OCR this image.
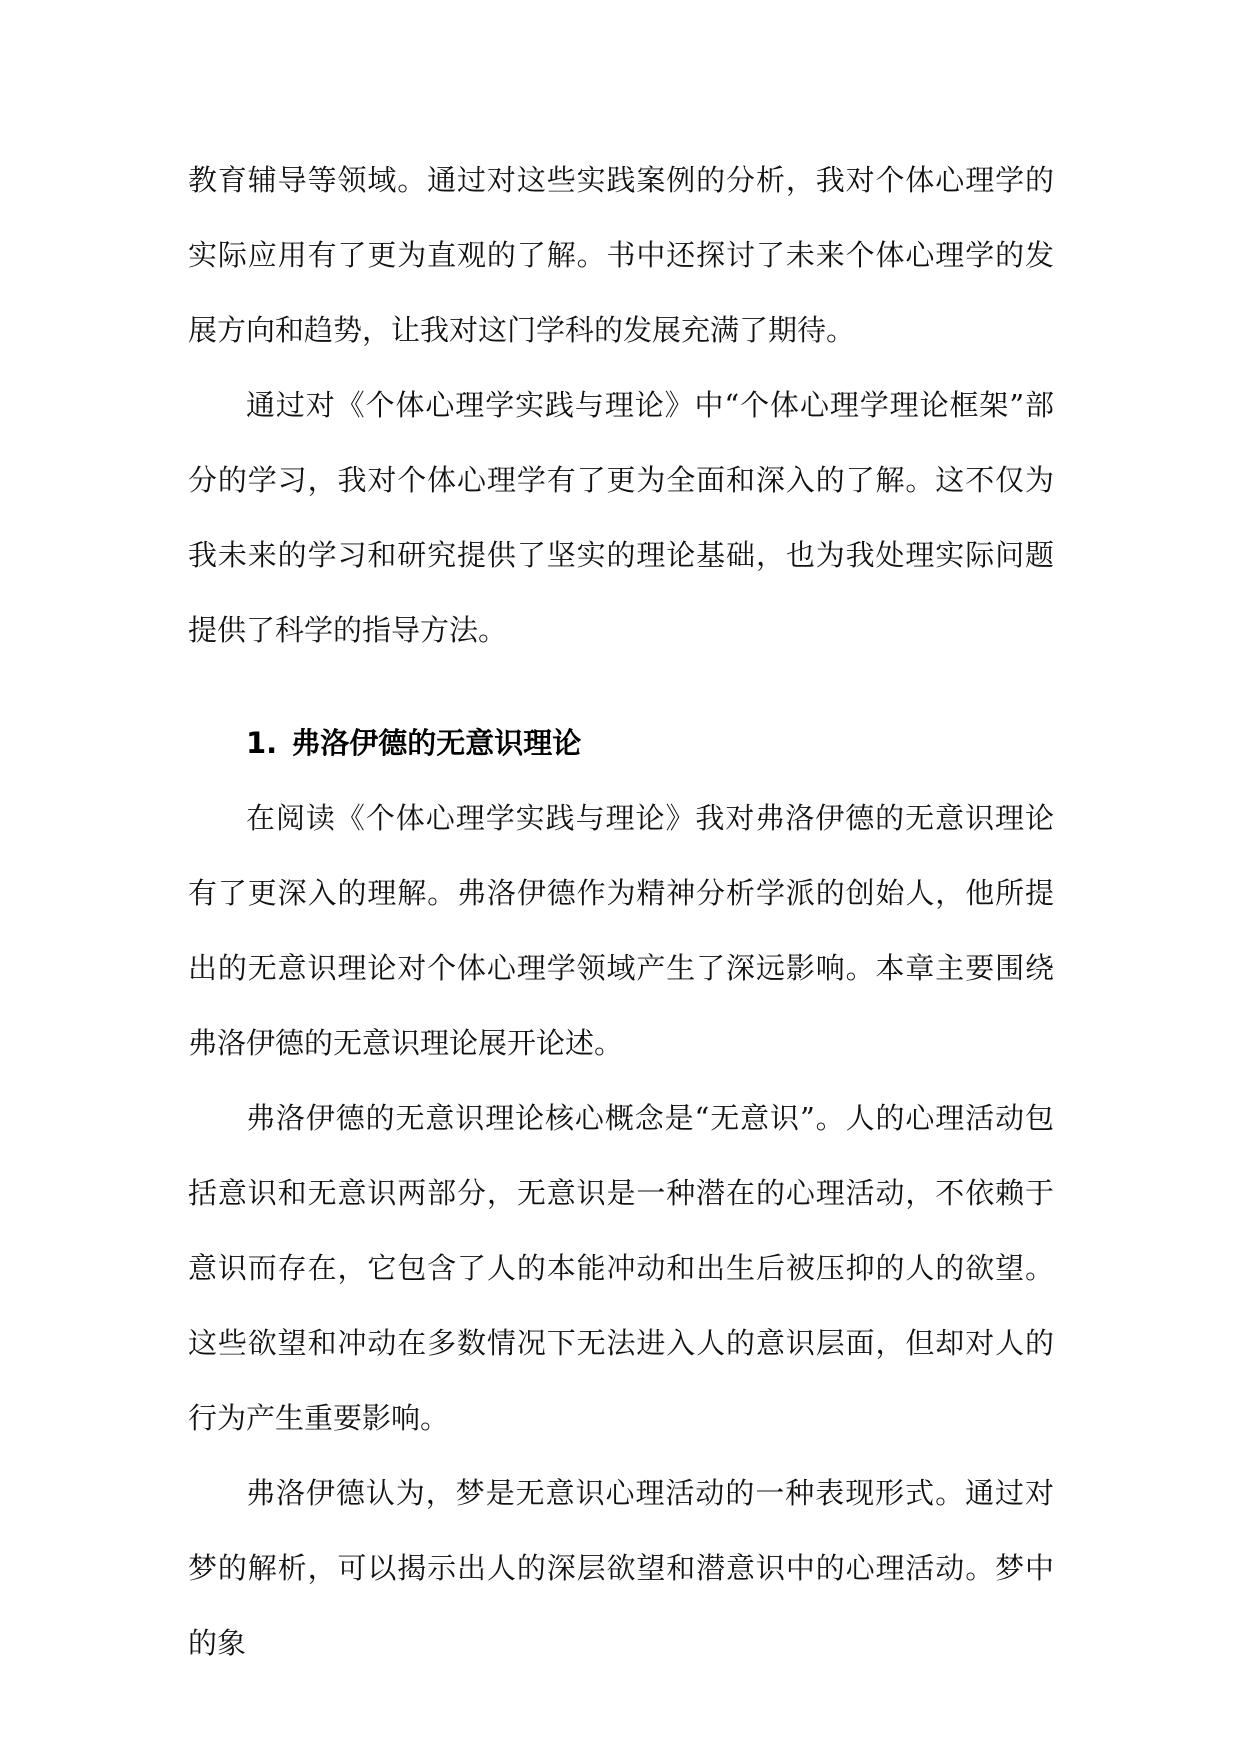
教育辅导等领域。通过对这些实践案例的分析，我对个体心理学的实际应用有了更为直观的了解。书中还探讨了未来个体心理学的发展方向和趋势，让我对这门学科的发展充满了期待。

通过对《个体心理学实践与理论》中“个体心理学理论框架”部分的学习，我对个体心理学有了更为全面和深入的了解。这不仅为我未来的学习和研究提供了坚实的理论基础，也为我处理实际问题提供了科学的指导方法。

1. 弗洛伊德的无意识理论

在阅读《个体心理学实践与理论》我对弗洛伊德的无意识理论有了更深入的理解。弗洛伊德作为精神分析学派的创始人，他所提出的无意识理论对个体心理学领域产生了深远影响。本章主要围绕弗洛伊德的无意识理论展开论述。

弗洛伊德的无意识理论核心概念是“无意识”。人的心理活动包括意识和无意识两部分，无意识是一种潜在的心理活动，不依赖于意识而存在，它包含了人的本能冲动和出生后被压抑的人的欲望。这些欲望和冲动在多数情况下无法进入人的意识层面，但却对人的行为产生重要影响。

弗洛伊德认为，梦是无意识心理活动的一种表现形式。通过对梦的解析，可以揭示出人的深层欲望和潜意识中的心理活动。梦中的象
